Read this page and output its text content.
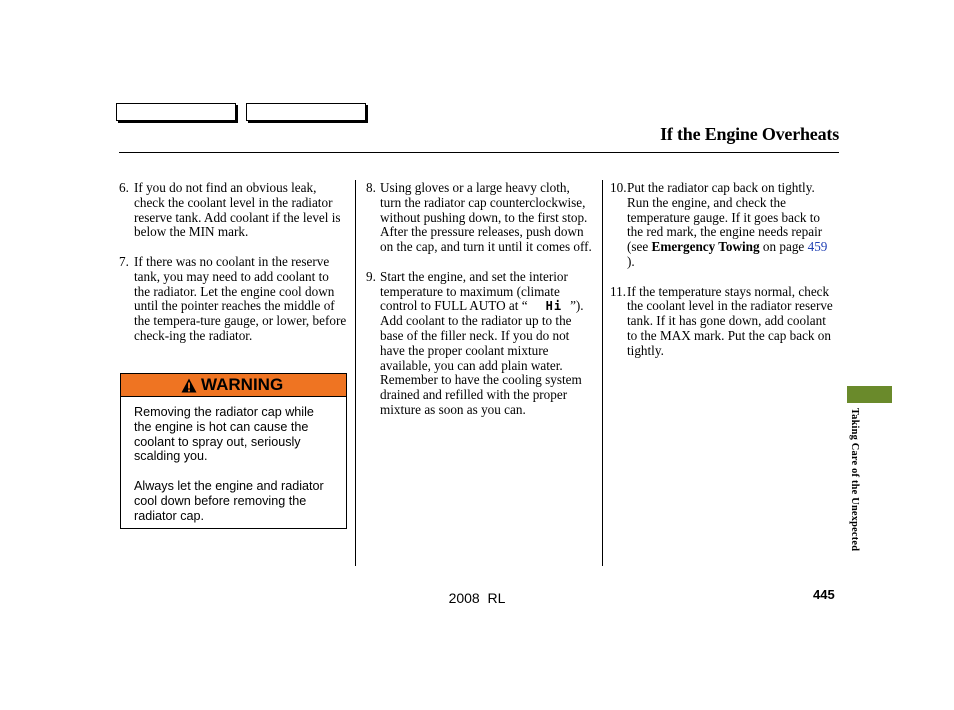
If the Engine Overheats
6. If you do not find an obvious leak, check the coolant level in the radiator reserve tank. Add coolant if the level is below the MIN mark.
7. If there was no coolant in the reserve tank, you may need to add coolant to the radiator. Let the engine cool down until the pointer reaches the middle of the tempera-ture gauge, or lower, before check-ing the radiator.
WARNING

Removing the radiator cap while the engine is hot can cause the coolant to spray out, seriously scalding you.

Always let the engine and radiator cool down before removing the radiator cap.

8. Using gloves or a large heavy cloth, turn the radiator cap counterclockwise, without pushing down, to the first stop. After the pressure releases, push down on the cap, and turn it until it comes off.
9. Start the engine, and set the interior temperature to maximum (climate control to FULL AUTO at “ Hi ”). Add coolant to the radiator up to the base of the filler neck. If you do not have the proper coolant mixture available, you can add plain water. Remember to have the cooling system drained and refilled with the proper mixture as soon as you can.
10. Put the radiator cap back on tightly. Run the engine, and check the temperature gauge. If it goes back to the red mark, the engine needs repair (see Emergency Towing on page 459 ).
11. If the temperature stays normal, check the coolant level in the radiator reserve tank. If it has gone down, add coolant to the MAX mark. Put the cap back on tightly.
Taking Care of the Unexpected
445
2008  RL
